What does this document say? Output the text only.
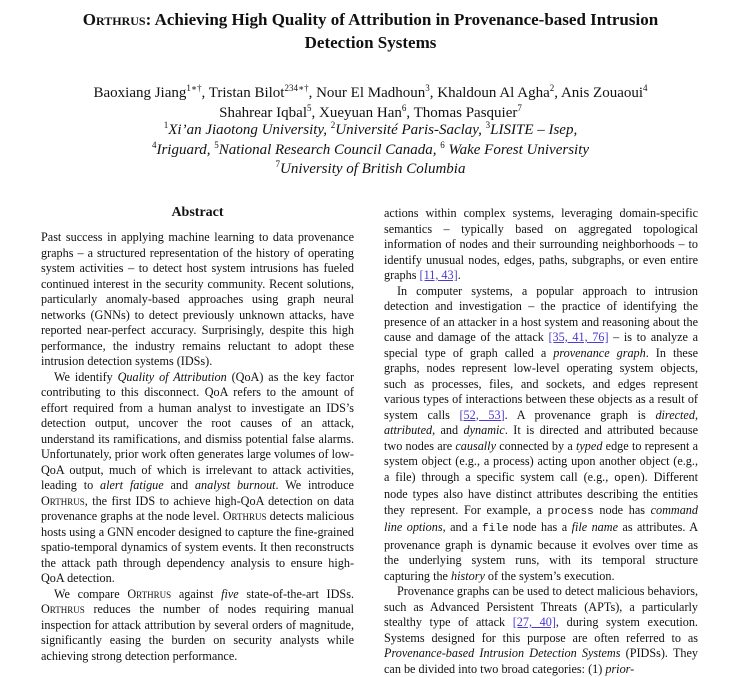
Orthrus: Achieving High Quality of Attribution in Provenance-based Intrusion
Detection Systems
Baoxiang Jiang$^{1∗\dagger}$, Tristan Bilot$^{234∗\dagger}$, Nour El Madhoun$^3$, Khaldoun Al Agha$^2$, Anis Zouaoui$^4$
Shahrear Iqbal$^5$, Xueyuan Han$^6$, Thomas Pasquier$^7$
$^1$Xi’an Jiaotong University, $^2$Université Paris-Saclay, $^3$LISITE – Isep,
$^4$Iriguard, $^5$National Research Council Canada, $^6$ Wake Forest University
$^7$University of British Columbia
Abstract

Past success in applying machine learning to data provenance graphs – a structured representation of the history of operating system activities – to detect host system intrusions has fueled continued interest in the security community. Recent solutions, particularly anomaly-based approaches using graph neural networks (GNNs) to detect previously unknown attacks, have reported near-perfect accuracy. Surprisingly, despite this high performance, the industry remains reluctant to adopt these intrusion detection systems (IDSs).

We identify Quality of Attribution (QoA) as the key factor contributing to this disconnect. QoA refers to the amount of effort required from a human analyst to investigate an IDS’s detection output, uncover the root causes of an attack, understand its ramifications, and dismiss potential false alarms. Unfortunately, prior work often generates large volumes of low-QoA output, much of which is irrelevant to attack activities, leading to alert fatigue and analyst burnout. We introduce Orthrus, the first IDS to achieve high-QoA detection on data provenance graphs at the node level. Orthrus detects malicious hosts using a GNN encoder designed to capture the fine-grained spatio-temporal dynamics of system events. It then reconstructs the attack path through dependency analysis to ensure high-QoA detection.

We compare Orthrus against five state-of-the-art IDSs. Orthrus reduces the number of nodes requiring manual inspection for attack attribution by several orders of magnitude, significantly easing the burden on security analysts while achieving strong detection performance.

actions within complex systems, leveraging domain-specific semantics – typically based on aggregated topological information of nodes and their surrounding neighborhoods – to identify unusual nodes, edges, paths, subgraphs, or even entire graphs [11, 43].

In computer systems, a popular approach to intrusion detection and investigation – the practice of identifying the presence of an attacker in a host system and reasoning about the cause and damage of the attack [35, 41, 76] – is to analyze a special type of graph called a provenance graph. In these graphs, nodes represent low-level operating system objects, such as processes, files, and sockets, and edges represent various types of interactions between these objects as a result of system calls [52, 53]. A provenance graph is directed, attributed, and dynamic. It is directed and attributed because two nodes are causally connected by a typed edge to represent a system object (e.g., a process) acting upon another object (e.g., a file) through a specific system call (e.g., open). Different node types also have distinct attributes describing the entities they represent. For example, a process node has command line options, and a file node has a file name as attributes. A provenance graph is dynamic because it evolves over time as the underlying system runs, with its temporal structure capturing the history of the system’s execution.

Provenance graphs can be used to detect malicious behaviors, such as Advanced Persistent Threats (APTs), a particularly stealthy type of attack [27, 40], during system execution. Systems designed for this purpose are often referred to as Provenance-based Intrusion Detection Systems (PIDSs). They can be divided into two broad categories: (1) prior-
